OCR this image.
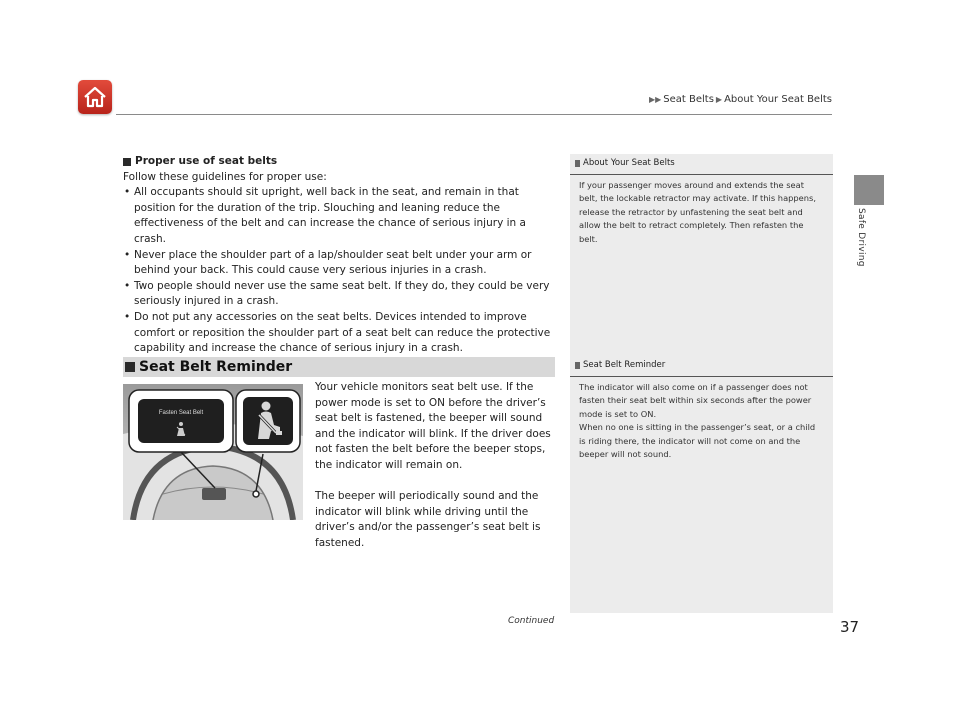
▶▶ Seat Belts ▶ About Your Seat Belts
Safe Driving
Proper use of seat belts
Follow these guidelines for proper use:
• All occupants should sit upright, well back in the seat, and remain in that position for the duration of the trip. Slouching and leaning reduce the effectiveness of the belt and can increase the chance of serious injury in a crash.
• Never place the shoulder part of a lap/shoulder seat belt under your arm or behind your back. This could cause very serious injuries in a crash.
• Two people should never use the same seat belt. If they do, they could be very seriously injured in a crash.
• Do not put any accessories on the seat belts. Devices intended to improve comfort or reposition the shoulder part of a seat belt can reduce the protective capability and increase the chance of serious injury in a crash.
Seat Belt Reminder
Fasten Seat Belt

Your vehicle monitors seat belt use. If the power mode is set to ON before the driver’s seat belt is fastened, the beeper will sound and the indicator will blink. If the driver does not fasten the belt before the beeper stops, the indicator will remain on.

The beeper will periodically sound and the indicator will blink while driving until the driver’s and/or the passenger’s seat belt is fastened.

About Your Seat Belts
If your passenger moves around and extends the seat belt, the lockable retractor may activate. If this happens, release the retractor by unfastening the seat belt and allow the belt to retract completely. Then refasten the belt.
Seat Belt Reminder
The indicator will also come on if a passenger does not fasten their seat belt within six seconds after the power mode is set to ON.
When no one is sitting in the passenger’s seat, or a child is riding there, the indicator will not come on and the beeper will not sound.
Continued	37
